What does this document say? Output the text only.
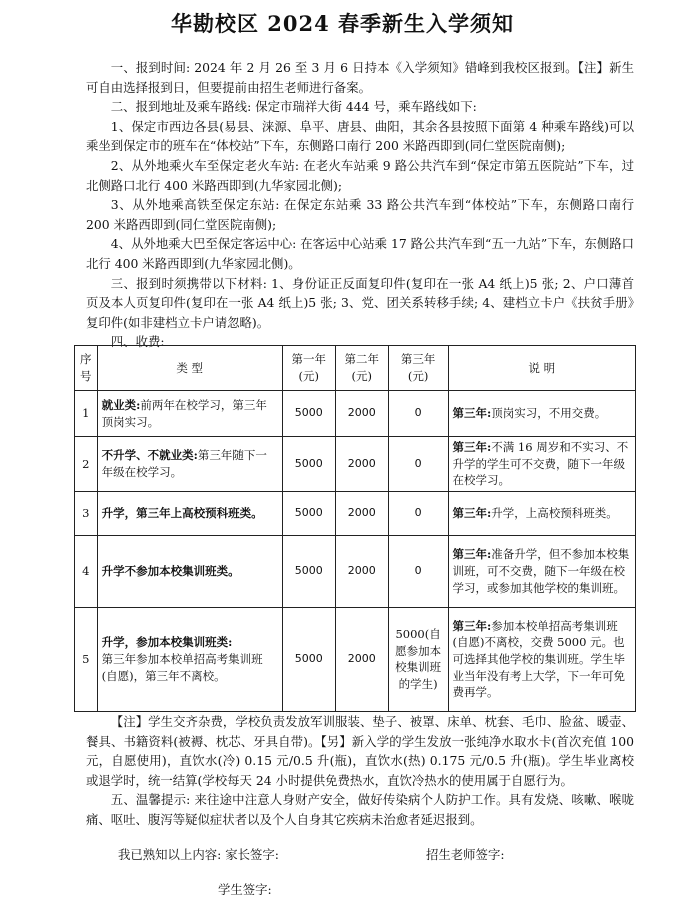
华勘校区 2024 春季新生入学须知

一、报到时间: 2024 年 2 月 26 至 3 月 6 日持本《入学须知》错峰到我校区报到。【注】新生可自由选择报到日，但要提前由招生老师进行备案。

二、报到地址及乘车路线: 保定市瑞祥大街 444 号，乘车路线如下:

1、保定市西边各县(易县、涞源、阜平、唐县、曲阳，其余各县按照下面第 4 种乘车路线)可以乘坐到保定市的班车在“体校站”下车，东侧路口南行 200 米路西即到(同仁堂医院南侧);

2、从外地乘火车至保定老火车站: 在老火车站乘 9 路公共汽车到“保定市第五医院站”下车，过北侧路口北行 400 米路西即到(九华家园北侧);

3、从外地乘高铁至保定东站: 在保定东站乘 33 路公共汽车到“体校站”下车，东侧路口南行 200 米路西即到(同仁堂医院南侧);

4、从外地乘大巴至保定客运中心: 在客运中心站乘 17 路公共汽车到“五一九站”下车，东侧路口北行 400 米路西即到(九华家园北侧)。

三、报到时须携带以下材料: 1、身份证正反面复印件(复印在一张 A4 纸上)5 张; 2、户口薄首页及本人页复印件(复印在一张 A4 纸上)5 张; 3、党、团关系转移手续; 4、建档立卡户《扶贫手册》复印件(如非建档立卡户请忽略)。

四、收费:

序号	类 型	第一年(元)	第二年(元)	第三年(元)	说 明
1	就业类:前两年在校学习，第三年顶岗实习。	5000	2000	0	第三年:顶岗实习，不用交费。
2	不升学、不就业类:第三年随下一年级在校学习。	5000	2000	0	第三年:不满 16 周岁和不实习、不升学的学生可不交费，随下一年级在校学习。
3	升学，第三年上高校预科班类。	5000	2000	0	第三年:升学，上高校预科班类。
4	升学不参加本校集训班类。	5000	2000	0	第三年:准备升学，但不参加本校集训班，可不交费，随下一年级在校学习，或参加其他学校的集训班。
5	升学，参加本校集训班类:
第三年参加本校单招高考集训班(自愿)，第三年不离校。	5000	2000	5000(自愿参加本校集训班的学生)	第三年:参加本校单招高考集训班(自愿)不离校，交费 5000 元。也可选择其他学校的集训班。学生毕业当年没有考上大学，下一年可免费再学。

【注】学生交齐杂费，学校负责发放军训服装、垫子、被罩、床单、枕套、毛巾、脸盆、暖壶、餐具、书籍资料(被褥、枕芯、牙具自带)。【另】新入学的学生发放一张纯净水取水卡(首次充值 100 元，自愿使用)，直饮水(冷) 0.15 元/0.5 升(瓶)，直饮水(热) 0.175 元/0.5 升(瓶)。学生毕业离校或退学时，统一结算(学校每天 24 小时提供免费热水，直饮冷热水的使用属于自愿行为。

五、温馨提示: 来往途中注意人身财产安全，做好传染病个人防护工作。具有发烧、咳嗽、喉咙痛、呕吐、腹泻等疑似症状者以及个人自身其它疾病未治愈者延迟报到。

我已熟知以上内容: 家长签字:	招生老师签字:
学生签字:
